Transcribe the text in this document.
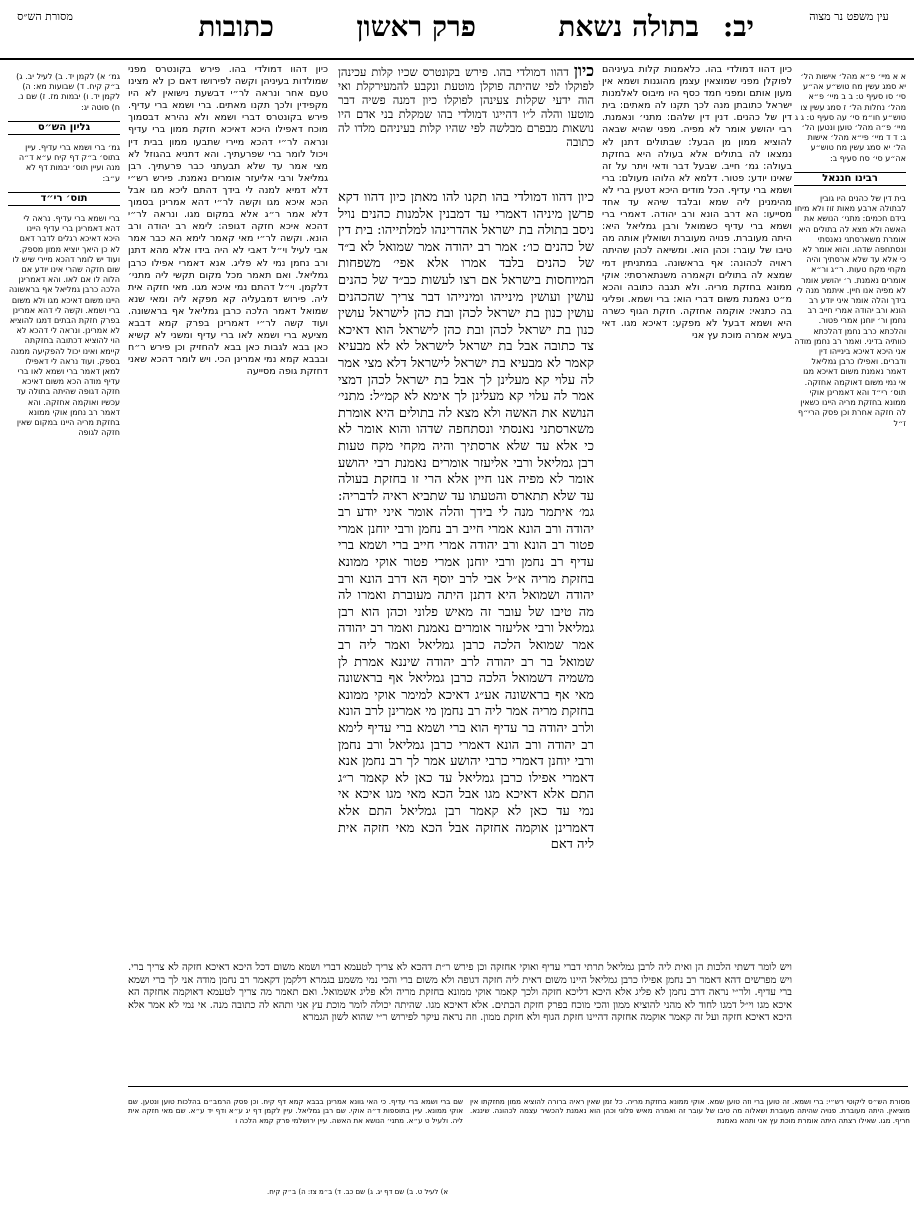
עין משפט נר מצוה
יב:
בתולה נשאת
פרק ראשון
כתובות
מסורת הש״ס

א א מיי׳ פ״א מהל׳ אישות הל׳ יא סמג עשין מח טוש״ע אה״ע סי׳ סו סעיף ט: ב ב מיי׳ פ״א מהל׳ נחלות הל׳ ז סמג עשין צו טוש״ע חו״מ סי׳ עה סעיף ט: ג ג מיי׳ פ״ה מהל׳ טוען ונטען הל׳ ג: ד ד מיי׳ פי״א מהל׳ אישות הל׳ יא סמג עשין מח טוש״ע אה״ע סי׳ סח סעיף ב:

רבינו חננאל

בית דין של כהנים היו גובין לבתולה ארבע מאות זוז ולא מיחו בידם חכמים: מתני׳ הנושא את האשה ולא מצא לה בתולים היא אומרת משארסתני נאנסתי ונסתחפה שדהו. והוא אומר לא כי אלא עד שלא ארסתיך והיה מקחי מקח טעות. ר״ג ור״א אומרים נאמנת. ר׳ יהושע אומר לא מפיה אנו חיין. איתמר מנה לי בידך והלה אומר איני יודע רב הונא ורב יהודה אמרי חייב רב נחמן ור׳ יוחנן אמרי פטור. והלכתא כרב נחמן דהלכתא כוותיה בדיני. ואמר רב נחמן מודה אני היכא דאיכא בינייהו דין ודברים. ואפילו כרבן גמליאל דאמר נאמנת משום דאיכא מגו אי נמי משום דאוקמה אחזקה. תוס׳ רי״ד והא דאמרינן אוקי ממונא בחזקת מריה היינו כשאין לה חזקה אחרת וכן פסק הרי״ף ז״ל

כיון דהוו דמולדי בהו. כלאמנות קלות בעיניהם לפוקלן מפני שמוצאין עצמן מהוגנות ושמא אין מעון אותם ומפני חמד כסף היו מיבוס לאלמנות ישראל כתובתן מנה לכך תקנו לה מאתים: בית דין של כהנים. דנין דין שלהם: מתני׳ ונאמנת. רבי יהושע אומר לא מפיה. מפני שהיא שבאה להוציא ממון מן הבעל: שבתולים דתנן לא נמצאו לה בתולים אלא בעולה היא בחזקת בעולה: גמ׳ חייב. שבעל דבר ודאי ויתר על זה שאינו יודע: פטור. דלמא לא הלוהו מעולם: ברי ושמא ברי עדיף. הכל מודים היכא דטעין ברי לא מהימנינן ליה שמא ובלבד שיהא עד אחד מסייעו: הא דרב הונא ורב יהודה. דאמרי ברי ושמא ברי עדיף כשמואל ורבן גמליאל היא: היתה מעוברת. פנויה מעוברת ושואלין אותה מה טיבו של עובר: וכהן הוא. ומשיאה לכהן שהיתה ראויה לכהונה: אף בראשונה. במתניתין דמי שמצא לה בתולים וקאמרה משנתארסתי: אוקי ממונא בחזקת מריה. ולא תגבה כתובה והכא מ״ט נאמנת משום דברי הוא: ברי ושמא. ופליגי בה כתנאי: אוקמה אחזקה. חזקת הגוף כשרה היא ושמא דבעל לא מפקע: דאיכא מגו. דאי בעיא אמרה מוכת עץ אני

כיון דהוו דמולדי בהו. פירש בקונטרס שכיו קלות עכינהן לפוקלו לפי שהיתה פוקלן מוטעת ונקבע להמעירקלת ואי הוה ידעי שקלות צעינהן לפוקלו כיון דמנה פשיה דבר מוטעו והלה ל״ו דהייגו דמולדי בהו שמקלת בני אדם היו נושאות מבפרם מבלשה לפי שהיו קלות בעיניהם מלדו לה כתובה

כיון דהוו דמולדי בהו תקנו להו מאתן כיון דהוו דקא פרשן מיניהו דאמרי עד דמבנין אלמנות כהנים נויל ניסב בתולה בת ישראל אהדרינהו למלתייהו: בית דין של כהנים כו׳: אמר רב יהודה אמר שמואל לא ב״ד של כהנים בלבד אמרו אלא אפי׳ משפחות המיוחסות בישראל אם רצו לעשות כב״ד של כהנים עושין ועושין מינייהו ומינייהו דבר צריך שהכהנים עושין כנון בת ישראל לכהן ובת כהן לישראל עושין כנון בת ישראל לכהן ובת כהן לישראל הוא דאיכא צד כתובה אבל בת ישראל לישראל לא לא מבעיא קאמר לא מבעיא בת ישראל לישראל דלא מצי אמר לה עלוי קא מעלינן לך אבל בת ישראל לכהן דמצי אמר לה עלוי קא מעלינן לך אימא לא קמ״ל: מתני׳ הנושא את האשה ולא מצא לה בתולים היא אומרת משארסתני נאנסתי ונסתחפה שדהו והוא אומר לא כי אלא עד שלא ארסתיך והיה מקחי מקח טעות רבן גמליאל ורבי אליעזר אומרים נאמנת רבי יהושע אומר לא מפיה אנו חיין אלא הרי זו בחזקת בעולה עד שלא תתארס והטעתו עד שתביא ראיה לדבריה: גמ׳ איתמר מנה לי בידך והלה אומר איני יודע רב יהודה ורב הונא אמרי חייב רב נחמן ורבי יוחנן אמרי פטור רב הונא ורב יהודה אמרי חייב ברי ושמא ברי עדיף רב נחמן ורבי יוחנן אמרי פטור אוקי ממונא בחזקת מריה א״ל אבי לרב יוסף הא דרב הונא ורב יהודה ושמואל היא דתנן היתה מעוברת ואמרו לה מה טיבו של עובר זה מאיש פלוני וכהן הוא רבן גמליאל ורבי אליעזר אומרים נאמנת ואמר רב יהודה אמר שמואל הלכה כרבן גמליאל ואמר ליה רב שמואל בר רב יהודה לרב יהודה שיננא אמרת לן משמיה דשמואל הלכה כרבן גמליאל אף בראשונה מאי אף בראשונה אע״ג דאיכא למימר אוקי ממונא בחזקת מריה אמר ליה רב נחמן מי אמרינן לרב הונא ולרב יהודה בר עדיף הוא ברי ושמא ברי עדיף לימא רב יהודה ורב הונא דאמרי כרבן גמליאל ורב נחמן ורבי יוחנן דאמרי כרבי יהושע אמר לך רב נחמן אנא דאמרי אפילו כרבן גמליאל עד כאן לא קאמר ר״ג התם אלא דאיכא מגו אבל הכא מאי מגו איכא אי נמי עד כאן לא קאמר רבן גמליאל התם אלא דאמרינן אוקמה אחזקה אבל הכא מאי חזקה אית ליה דאם

כיון דהוו דמולדי בהו. פירש בקונטרס מפני שמולדות בעיניהן וקשה לפירושו דאם כן לא מצינו טעם אחר ונראה לר״י דבשעת נישואין לא היו מקפידין ולכך תקנו מאתים. ברי ושמא ברי עדיף. פירש בקונטרס דברי ושמא ולא נהירא דבסמוך מוכח דאפילו היכא דאיכא חזקת ממון ברי עדיף ונראה לר״י דהכא מיירי שתבעו ממון בבית דין ויכול לומר ברי שפרעתיך. והא דתניא בהגוזל לא מצי אמר עד שלא תבעתני כבר פרעתיך. רבן גמליאל ורבי אליעזר אומרים נאמנת. פירש רש״י דלא דמיא למנה לי בידך דהתם ליכא מגו אבל הכא איכא מגו וקשה לר״י דהא אמרינן בסמוך דלא אמר ר״ג אלא במקום מגו. ונראה לר״י דהכא איכא חזקה דגופה: לימא רב יהודה ורב הונא. וקשה לר״י מאי קאמר לימא הא כבר אמר אבי לעיל וי״ל דאבי לא היה בידו אלא מהא דתנן ורב נחמן נמי לא פליג. אנא דאמרי אפילו כרבן גמליאל. ואם תאמר מכל מקום תקשי ליה מתני׳ דלקמן. וי״ל דהתם נמי איכא מגו. מאי חזקה אית ליה. פירוש דמבעליה קא מפקא ליה ומאי שנא שמואל דאמר הלכה כרבן גמליאל אף בראשונה. ועוד קשה לר״י דאמרינן בפרק קמא דבבא מציעא ברי ושמא לאו ברי עדיף ומשני לא קשיא כאן בבא לגבות כאן בבא להחזיק וכן פירש ר״ח ובבבא קמא נמי אמרינן הכי. ויש לומר דהכא שאני דחזקת גופה מסייעה

גמ׳ א) לקמן יד. ב) לעיל יב. ג) ב״ק קיח. ד) שבועות מא: ה) לקמן יד. ו) יבמות מז. ז) שם נ. ח) סוטה יג:

גליון הש״ס

גמ׳ ברי ושמא ברי עדיף. עיין בתוס׳ ב״ק דף קיח ע״א ד״ה מנה ועיין תוס׳ יבמות דף לא ע״ב:

תוס׳ רי״ד

ברי ושמא ברי עדיף. נראה לי דהא דאמרינן ברי עדיף היינו היכא דאיכא רגלים לדבר דאם לא כן היאך יוציא ממון מספק. ועוד יש לומר דהכא מיירי שיש לו שום חזקה שהרי אינו יודע אם הלוה לו אם לאו. והא דאמרינן הלכה כרבן גמליאל אף בראשונה היינו משום דאיכא מגו ולא משום ברי ושמא. וקשה לי דהא אמרינן בפרק חזקת הבתים דמגו להוציא לא אמרינן. ונראה לי דהכא לא הוי להוציא דכתובה בחזקתה קיימא ואינו יכול להפקיעה ממנה בספק. ועוד נראה לי דאפילו למאן דאמר ברי ושמא לאו ברי עדיף מודה הכא משום דאיכא חזקה דגופה שהיתה בתולה עד עכשיו ואוקמה אחזקה. והא דאמר רב נחמן אוקי ממונא בחזקת מריה היינו במקום שאין חזקה לגופה

ויש לומר דשתי הלכות הן ואית ליה לרבן גמליאל תרתי דברי עדיף ואוקי אחזקה וכן פירש ר״ת דהכא לא צריך לטעמא דברי ושמא משום דכל היכא דאיכא חזקה לא צריך ברי. ויש מפרשים דהא דאמר רב נחמן אפילו כרבן גמליאל היינו משום דאית ליה חזקה דגופה ולא משום ברי והכי נמי משמע בגמרא דלקמן דקאמר רב נחמן מודה אני לך ברי ושמא ברי עדיף. ולר״י נראה דרב נחמן לא פליג אלא היכא דליכא חזקה ולכך קאמר אוקי ממונא בחזקת מריה ולא פליג אשמואל. ואם תאמר מה צריך לטעמא דאוקמה אחזקה הא איכא מגו וי״ל דמגו לחוד לא מהני להוציא ממון והכי מוכח בפרק חזקת הבתים. אלא דאיכא מגו. שהיתה יכולה לומר מוכת עץ אני ותהא לה כתובה מנה. אי נמי לא אמר אלא היכא דאיכא חזקה ועל זה קאמר אוקמה אחזקה דהיינו חזקת הגוף ולא חזקת ממון. וזה נראה עיקר לפירוש ר״י שהוא לשון הגמרא

מסורת הש״ס ליקוטי רש״י: ברי ושמא. זה טוען ברי וזה טוען שמא. אוקי ממונא בחזקת מריה. כל זמן שאין ראיה ברורה להוציא ממון מחזקתו אין מוציאין. היתה מעוברת. פנויה שהיתה מעוברת ושאלוה מה טיבו של עובר זה ואמרה מאיש פלוני וכהן הוא נאמנת להכשיר עצמה לכהונה. שיננא. חריף. מגו. שאילו רצתה היתה אומרת מוכת עץ אני ותהא נאמנת

שם ברי ושמא ברי עדיף. כי האי גוונא אמרינן בבבא קמא דף קיח. וכן פסק הרמב״ם בהלכות טוען ונטען. שם אוקי ממונא. עיין בתוספות ד״ה אוקי. שם רבן גמליאל. עיין לקמן דף יג ע״א ודף יד ע״א. שם מאי חזקה אית ליה. ולעיל ט ע״א. מתני׳ הנושא את האשה. עיין ירושלמי פרק קמא הלכה ו

א) לעיל ט. ב) שם דף יג. ג) שם כב. ד) ב״מ צז: ה) ב״ק קיח.
